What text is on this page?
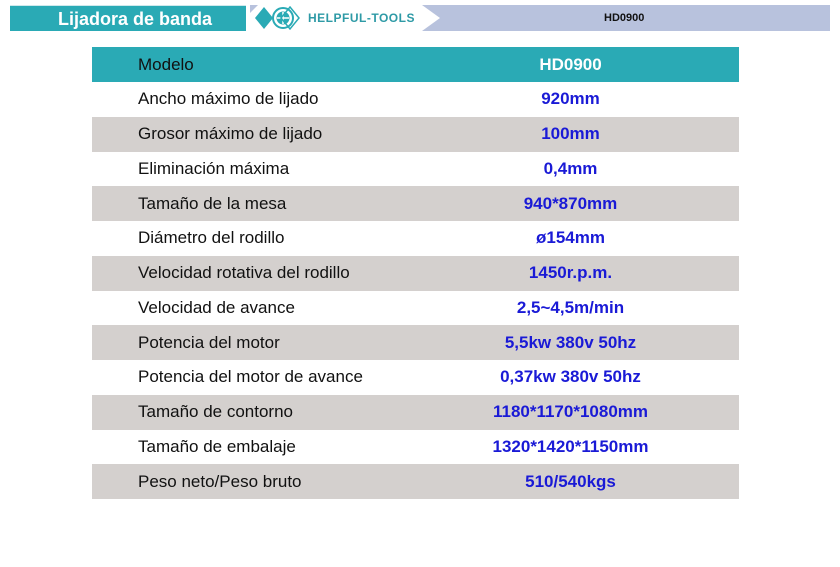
Lijadora de banda	HELPFUL-TOOLS	HD0900
Modelo	HD0900
Ancho máximo de lijado	920mm
Grosor máximo de lijado	100mm
Eliminación máxima	0,4mm
Tamaño de la mesa	940*870mm
Diámetro del rodillo	ø154mm
Velocidad rotativa del rodillo	1450r.p.m.
Velocidad de avance	2,5~4,5m/min
Potencia del motor	5,5kw 380v 50hz
Potencia del motor de avance	0,37kw 380v 50hz
Tamaño de contorno	1180*1170*1080mm
Tamaño de embalaje	1320*1420*1150mm
Peso neto/Peso bruto	510/540kgs
